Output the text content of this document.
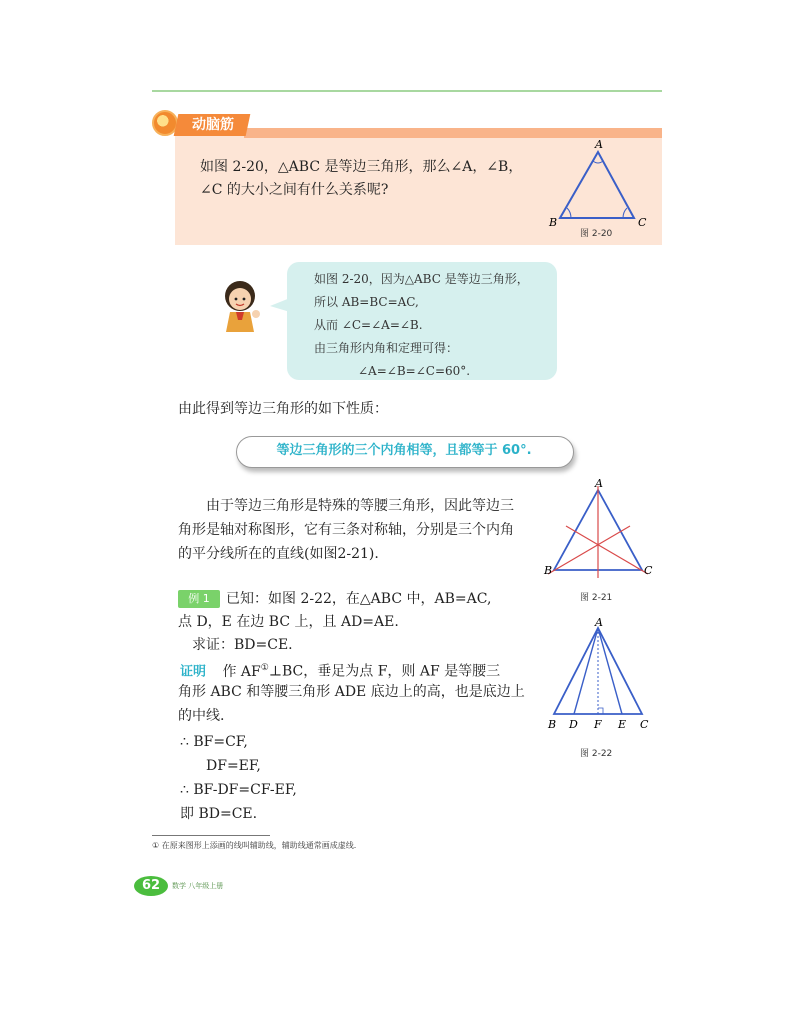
动脑筋
如图 2-20，△ABC 是等边三角形，那么∠A，∠B，
∠C 的大小之间有什么关系呢?
A
B	C
图 2-20
如图 2-20，因为△ABC 是等边三角形，
所以 AB=BC=AC,
从而 ∠C=∠A=∠B.
由三角形内角和定理可得：
∠A=∠B=∠C=60°.
由此得到等边三角形的如下性质：
等边三角形的三个内角相等，且都等于 60°.
由于等边三角形是特殊的等腰三角形，因此等边三
角形是轴对称图形，它有三条对称轴，分别是三个内角
的平分线所在的直线(如图2-21).
A
B	C
图 2-21
例 1	已知：如图 2-22，在△ABC 中，AB=AC,
点 D，E 在边 BC 上，且 AD=AE.
求证：BD=CE.
证明 作 AF①⊥BC，垂足为点 F，则 AF 是等腰三
角形 ABC 和等腰三角形 ADE 底边上的高，也是底边上
的中线.
∴ BF=CF,
DF=EF,
∴ BF-DF=CF-EF,
即 BD=CE.
A
B D F E C
图 2-22
① 在原来图形上添画的线叫辅助线，辅助线通常画成虚线.
62	数学 八年级上册
